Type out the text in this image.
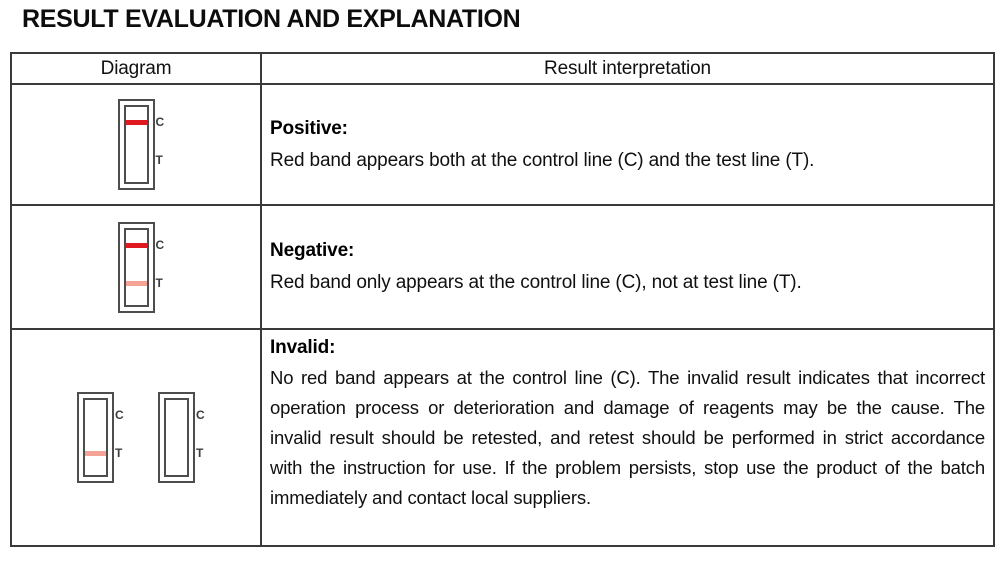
RESULT EVALUATION AND EXPLANATION
Diagram	Result interpretation

C
T

Positive:
Red band appears both at the control line (C) and the test line (T).

C
T

Negative:
Red band only appears at the control line (C), not at test line (T).

C
T
C
T

Invalid:
No red band appears at the control line (C). The invalid result indicates that incorrect operation process or deterioration and damage of reagents may be the cause. The invalid result should be retested, and retest should be performed in strict accordance with the instruction for use. If the problem persists, stop use the product of the batch immediately and contact local suppliers.
